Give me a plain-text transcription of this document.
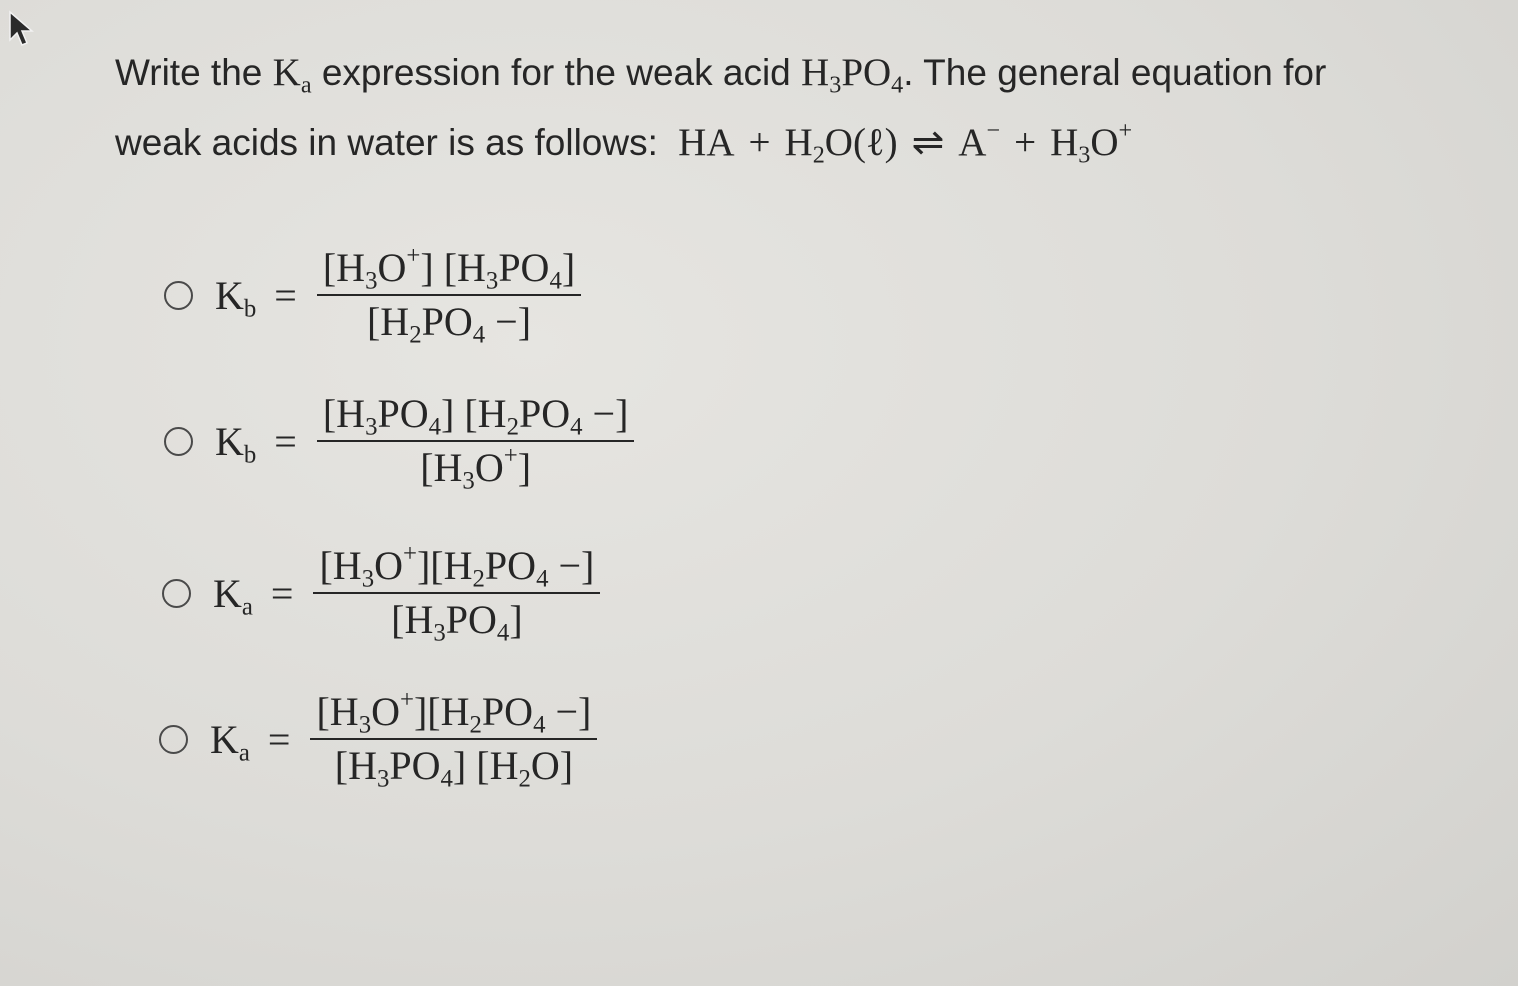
Write the $K_a$ expression for the weak acid $H_3PO_4$. The general equation for
weak acids in water is as follows: HA + $H_2O(\ell)$ ⇌ $A^- + H_3O^+$
$K_b = \frac{[H_3O^+] [H_3PO_4]}{[H_2PO_4 -]}$
$K_b = \frac{[H_3PO_4] [H_2PO_4 -]}{[H_3O^+]}$
$K_a = \frac{[H_3O^+][H_2PO_4 -]}{[H_3PO_4]}$
$K_a = \frac{[H_3O^+][H_2PO_4 -]}{[H_3PO_4] [H_2O]}$
